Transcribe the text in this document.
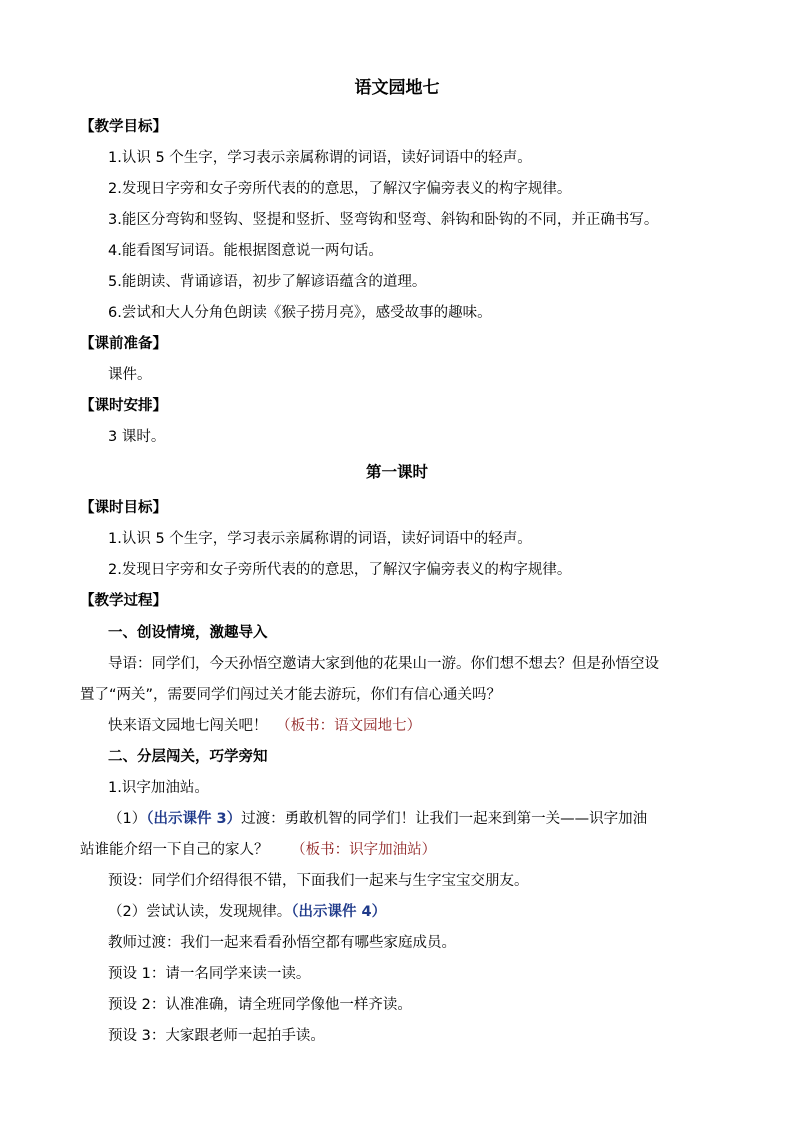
语文园地七
【教学目标】
1.认识 5 个生字，学习表示亲属称谓的词语，读好词语中的轻声。
2.发现日字旁和女子旁所代表的的意思，了解汉字偏旁表义的构字规律。
3.能区分弯钩和竖钩、竖提和竖折、竖弯钩和竖弯、斜钩和卧钩的不同，并正确书写。
4.能看图写词语。能根据图意说一两句话。
5.能朗读、背诵谚语，初步了解谚语蕴含的道理。
6.尝试和大人分角色朗读《猴子捞月亮》，感受故事的趣味。
【课前准备】
课件。
【课时安排】
3 课时。
第一课时
【课时目标】
1.认识 5 个生字，学习表示亲属称谓的词语，读好词语中的轻声。
2.发现日字旁和女子旁所代表的的意思，了解汉字偏旁表义的构字规律。
【教学过程】
一、创设情境，激趣导入
导语：同学们，今天孙悟空邀请大家到他的花果山一游。你们想不想去？但是孙悟空设
置了“两关”，需要同学们闯过关才能去游玩，你们有信心通关吗？
快来语文园地七闯关吧！ （板书：语文园地七）
二、分层闯关，巧学旁知
1.识字加油站。
（1）（出示课件 3）过渡：勇敢机智的同学们！让我们一起来到第一关——识字加油
站谁能介绍一下自己的家人？ （板书：识字加油站）
预设：同学们介绍得很不错，下面我们一起来与生字宝宝交朋友。
（2）尝试认读，发现规律。（出示课件 4）
教师过渡：我们一起来看看孙悟空都有哪些家庭成员。
预设 1：请一名同学来读一读。
预设 2：认准准确，请全班同学像他一样齐读。
预设 3：大家跟老师一起拍手读。
